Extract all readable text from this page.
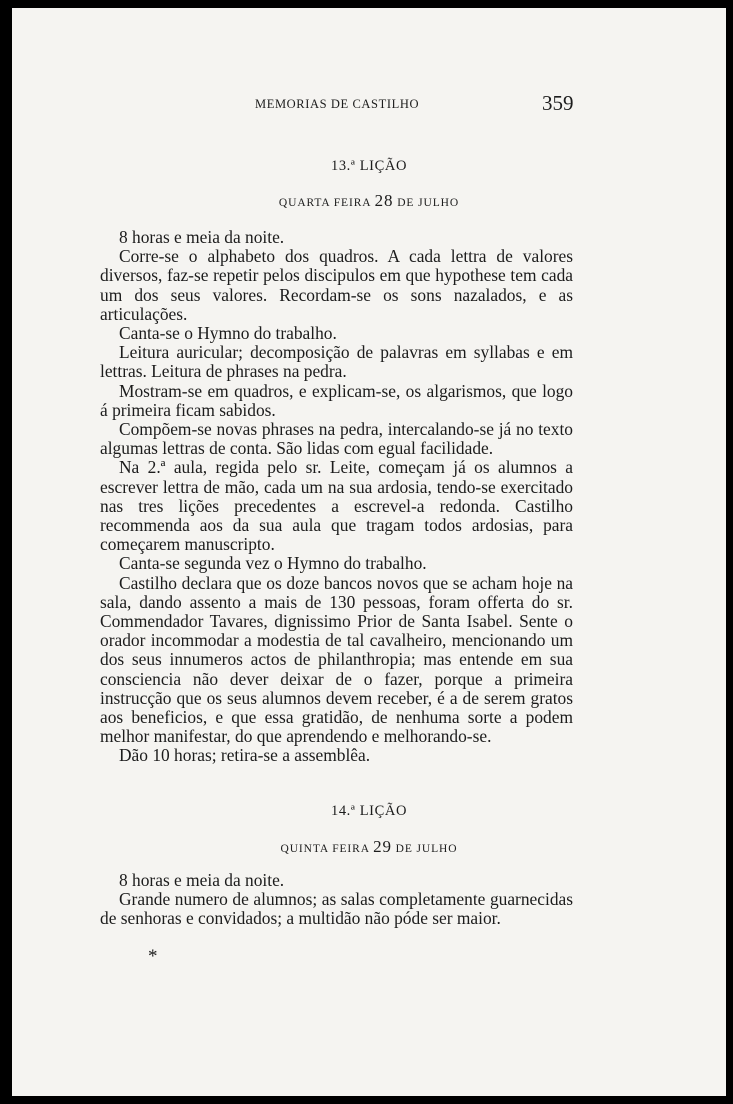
MEMORIAS DE CASTILHO	359
13.ª LIÇÃO
QUARTA FEIRA 28 DE JULHO

8 horas e meia da noite.

Corre-se o alphabeto dos quadros. A cada lettra de valores diversos, faz-se repetir pelos discipulos em que hypothese tem cada um dos seus valores. Recordam-se os sons nazalados, e as articulações.

Canta-se o Hymno do trabalho.

Leitura auricular; decomposição de palavras em syllabas e em lettras. Leitura de phrases na pedra.

Mostram-se em quadros, e explicam-se, os algarismos, que logo á primeira ficam sabidos.

Compõem-se novas phrases na pedra, intercalando-se já no texto algumas lettras de conta. São lidas com egual facilidade.

Na 2.ª aula, regida pelo sr. Leite, começam já os alumnos a escrever lettra de mão, cada um na sua ardosia, tendo-se exercitado nas tres lições precedentes a escrevel-a redonda. Castilho recommenda aos da sua aula que tragam todos ardosias, para começarem manuscripto.

Canta-se segunda vez o Hymno do trabalho.

Castilho declara que os doze bancos novos que se acham hoje na sala, dando assento a mais de 130 pessoas, foram offerta do sr. Commendador Tavares, dignissimo Prior de Santa Isabel. Sente o orador incommodar a modestia de tal cavalheiro, mencionando um dos seus innumeros actos de philanthropia; mas entende em sua consciencia não dever deixar de o fazer, porque a primeira instrucção que os seus alumnos devem receber, é a de serem gratos aos beneficios, e que essa gratidão, de nenhuma sorte a podem melhor manifestar, do que aprendendo e melhorando-se.

Dão 10 horas; retira-se a assemblêa.

14.ª LIÇÃO
QUINTA FEIRA 29 DE JULHO

8 horas e meia da noite.

Grande numero de alumnos; as salas completamente guarnecidas de senhoras e convidados; a multidão não póde ser maior.

*
